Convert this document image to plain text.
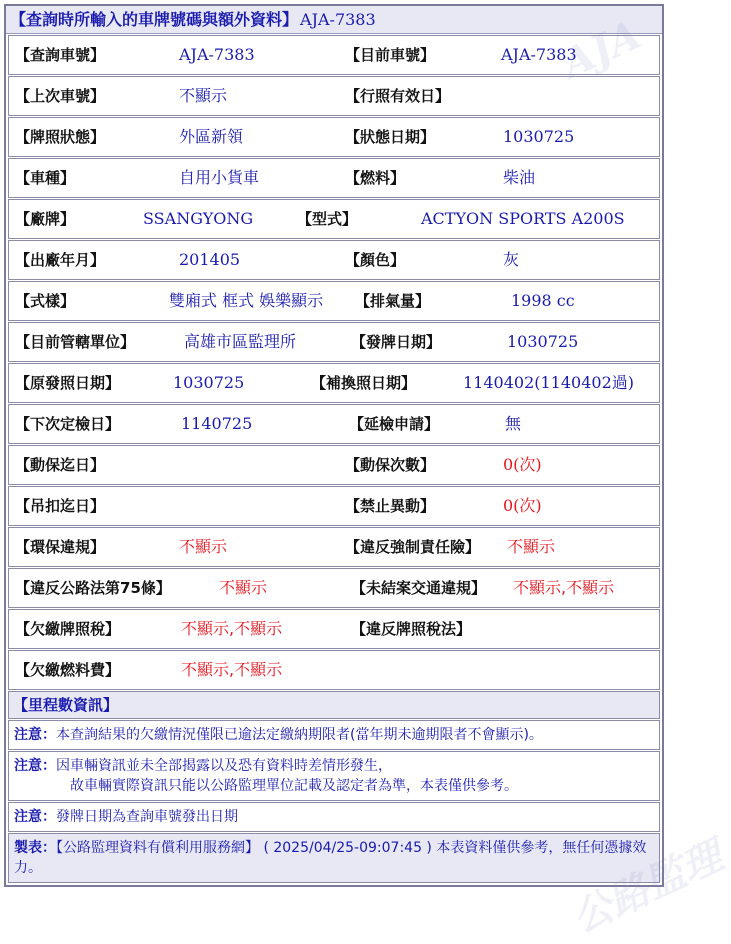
AJA
公路監理
【查詢時所輸入的車牌號碼與額外資料】 AJA-7383
【查詢車號】	AJA-7383	【目前車號】	AJA-7383
【上次車號】	不顯示	【行照有效日】
【牌照狀態】	外區新領	【狀態日期】	1030725
【車種】	自用小貨車	【燃料】	柴油
【廠牌】	SSANGYONG	【型式】	ACTYON SPORTS A200S
【出廠年月】	201405	【顏色】	灰
【式樣】	雙廂式 框式 娛樂顯示 【排氣量】	1998 cc
【目前管轄單位】	高雄市區監理所	【發牌日期】	1030725
【原發照日期】	1030725	【補換照日期】	1140402(1140402過)
【下次定檢日】	1140725	【延檢申請】	無
【動保迄日】	【動保次數】	0(次)
【吊扣迄日】	【禁止異動】	0(次)
【環保違規】	不顯示	【違反強制責任險】 不顯示
【違反公路法第75條】	不顯示	【未結案交通違規】 不顯示,不顯示
【欠繳牌照稅】	不顯示,不顯示	【違反牌照稅法】
【欠繳燃料費】	不顯示,不顯示
【里程數資訊】
注意：本查詢結果的欠繳情況僅限已逾法定繳納期限者(當年期未逾期限者不會顯示)。
注意：因車輛資訊並未全部揭露以及恐有資料時差情形發生，
故車輛實際資訊只能以公路監理單位記載及認定者為準，本表僅供參考。
注意：發牌日期為查詢車號發出日期
製表：【公路監理資料有償利用服務網】 ( 2025/04/25-09:07:45 ) 本表資料僅供參考，無任何憑據效力。
